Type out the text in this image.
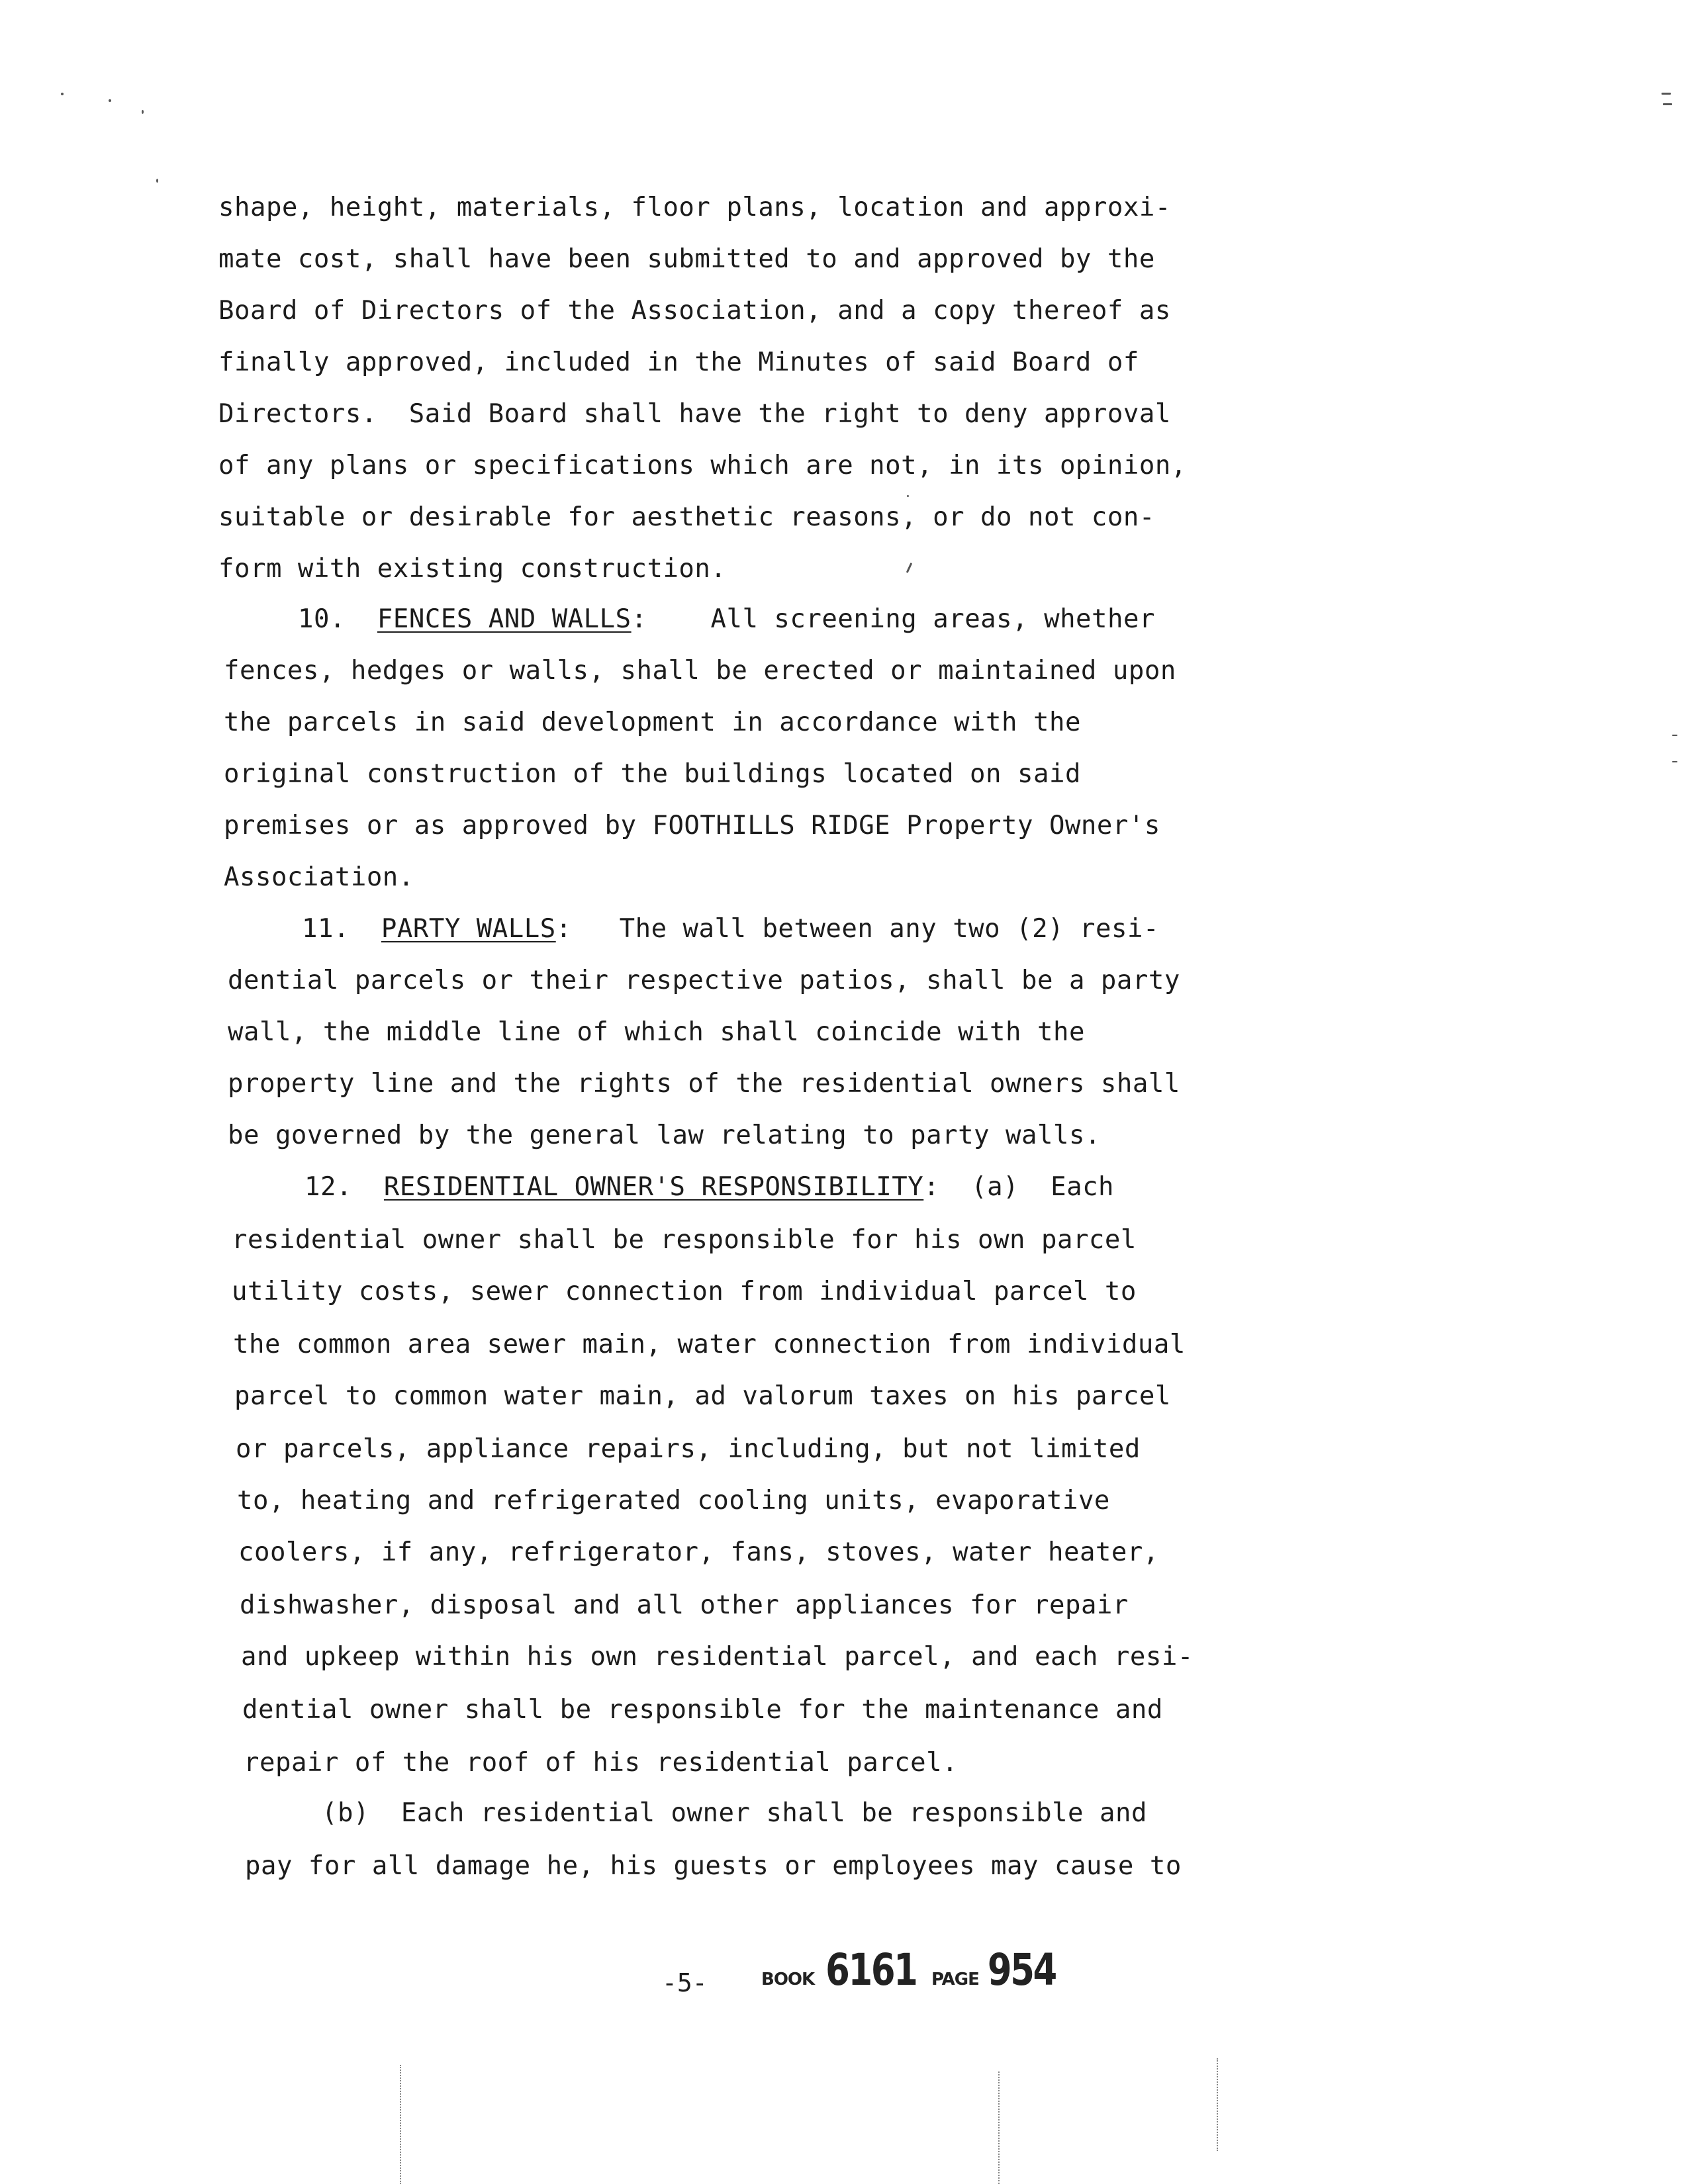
shape, height, materials, floor plans, location and approxi-
mate cost, shall have been submitted to and approved by the
Board of Directors of the Association, and a copy thereof as
finally approved, included in the Minutes of said Board of
Directors.  Said Board shall have the right to deny approval
of any plans or specifications which are not, in its opinion,
suitable or desirable for aesthetic reasons, or do not con-
form with existing construction.
10. FENCES AND WALLS:    All screening areas, whether
fences, hedges or walls, shall be erected or maintained upon
the parcels in said development in accordance with the
original construction of the buildings located on said
premises or as approved by FOOTHILLS RIDGE Property Owner's
Association.
11. PARTY WALLS:   The wall between any two (2) resi-
dential parcels or their respective patios, shall be a party
wall, the middle line of which shall coincide with the
property line and the rights of the residential owners shall
be governed by the general law relating to party walls.
12. RESIDENTIAL OWNER'S RESPONSIBILITY:  (a)  Each
residential owner shall be responsible for his own parcel
utility costs, sewer connection from individual parcel to
the common area sewer main, water connection from individual
parcel to common water main, ad valorum taxes on his parcel
or parcels, appliance repairs, including, but not limited
to, heating and refrigerated cooling units, evaporative
coolers, if any, refrigerator, fans, stoves, water heater,
dishwasher, disposal and all other appliances for repair
and upkeep within his own residential parcel, and each resi-
dential owner shall be responsible for the maintenance and
repair of the roof of his residential parcel.
(b)  Each residential owner shall be responsible and
pay for all damage he, his guests or employees may cause to
-5-	BOOK 6161 PAGE 954
